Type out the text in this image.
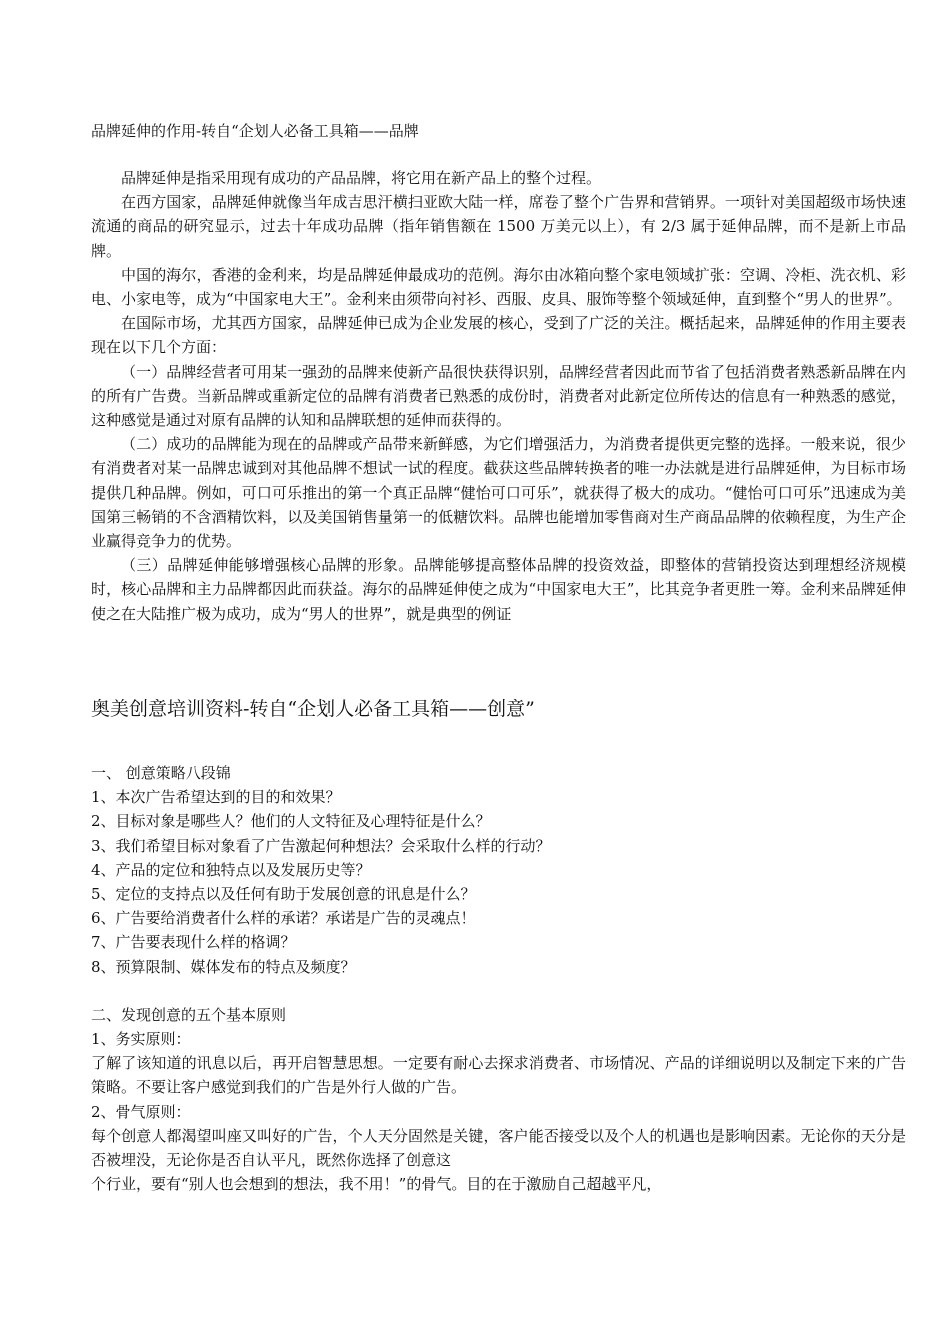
品牌延伸的作用-转自“企划人必备工具箱——品牌

品牌延伸是指采用现有成功的产品品牌，将它用在新产品上的整个过程。

在西方国家，品牌延伸就像当年成吉思汗横扫亚欧大陆一样，席卷了整个广告界和营销界。一项针对美国超级市场快速流通的商品的研究显示，过去十年成功品牌（指年销售额在 1500 万美元以上），有 2/3 属于延伸品牌，而不是新上市品牌。

中国的海尔，香港的金利来，均是品牌延伸最成功的范例。海尔由冰箱向整个家电领域扩张：空调、冷柜、洗衣机、彩电、小家电等，成为“中国家电大王”。金利来由须带向衬衫、西服、皮具、服饰等整个领域延伸，直到整个“男人的世界”。

在国际市场，尤其西方国家，品牌延伸已成为企业发展的核心，受到了广泛的关注。概括起来，品牌延伸的作用主要表现在以下几个方面：

（一）品牌经营者可用某一强劲的品牌来使新产品很快获得识别，品牌经营者因此而节省了包括消费者熟悉新品牌在内的所有广告费。当新品牌或重新定位的品牌有消费者已熟悉的成份时，消费者对此新定位所传达的信息有一种熟悉的感觉，这种感觉是通过对原有品牌的认知和品牌联想的延伸而获得的。

（二）成功的品牌能为现在的品牌或产品带来新鲜感，为它们增强活力，为消费者提供更完整的选择。一般来说，很少有消费者对某一品牌忠诚到对其他品牌不想试一试的程度。截获这些品牌转换者的唯一办法就是进行品牌延伸，为目标市场提供几种品牌。例如，可口可乐推出的第一个真正品牌“健怡可口可乐”，就获得了极大的成功。“健怡可口可乐”迅速成为美国第三畅销的不含酒精饮料，以及美国销售量第一的低糖饮料。品牌也能增加零售商对生产商品品牌的依赖程度，为生产企业赢得竞争力的优势。

（三）品牌延伸能够增强核心品牌的形象。品牌能够提高整体品牌的投资效益，即整体的营销投资达到理想经济规模时，核心品牌和主力品牌都因此而获益。海尔的品牌延伸使之成为“中国家电大王”，比其竞争者更胜一筹。金利来品牌延伸使之在大陆推广极为成功，成为“男人的世界”，就是典型的例证

奥美创意培训资料-转自“企划人必备工具箱——创意”
一、 创意策略八段锦
1、本次广告希望达到的目的和效果？
2、目标对象是哪些人？他们的人文特征及心理特征是什么？
3、我们希望目标对象看了广告激起何种想法？会采取什么样的行动？
4、产品的定位和独特点以及发展历史等？
5、定位的支持点以及任何有助于发展创意的讯息是什么？
6、广告要给消费者什么样的承诺？承诺是广告的灵魂点！
7、广告要表现什么样的格调？
8、预算限制、媒体发布的特点及频度？
二、发现创意的五个基本原则
1、务实原则：
了解了该知道的讯息以后，再开启智慧思想。一定要有耐心去探求消费者、市场情况、产品的详细说明以及制定下来的广告策略。不要让客户感觉到我们的广告是外行人做的广告。
2、骨气原则：
每个创意人都渴望叫座又叫好的广告，个人天分固然是关键，客户能否接受以及个人的机遇也是影响因素。无论你的天分是否被埋没，无论你是否自认平凡，既然你选择了创意这
个行业，要有“别人也会想到的想法，我不用！”的骨气。目的在于激励自己超越平凡，
